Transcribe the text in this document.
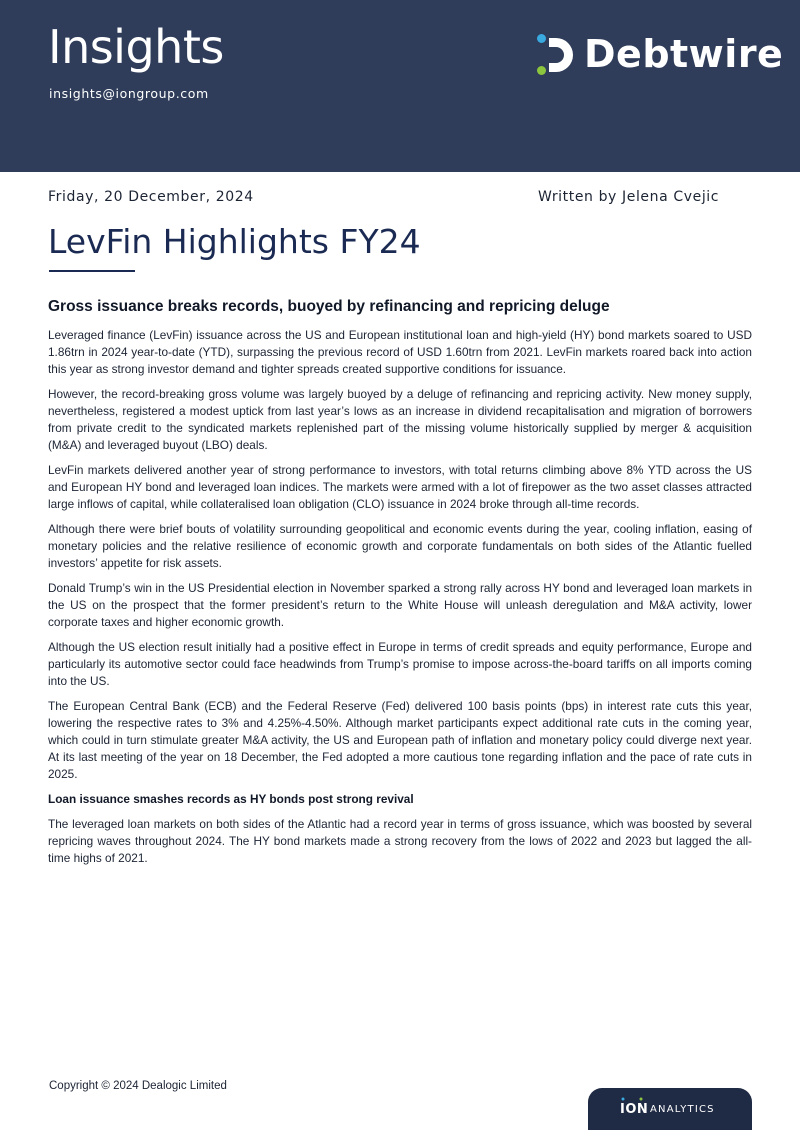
Insights
insights@iongroup.com
Debtwire
Friday, 20 December, 2024	Written by Jelena Cvejic
LevFin Highlights FY24
Gross issuance breaks records, buoyed by refinancing and repricing deluge

Leveraged finance (LevFin) issuance across the US and European institutional loan and high-yield (HY) bond markets soared to USD 1.86trn in 2024 year-to-date (YTD), surpassing the previous record of USD 1.60trn from 2021. LevFin markets roared back into action this year as strong investor demand and tighter spreads created supportive conditions for issuance.

However, the record-breaking gross volume was largely buoyed by a deluge of refinancing and repricing activity. New money supply, nevertheless, registered a modest uptick from last year’s lows as an increase in dividend recapitalisation and migration of borrowers from private credit to the syndicated markets replenished part of the missing volume historically supplied by merger & acquisition (M&A) and leveraged buyout (LBO) deals.

LevFin markets delivered another year of strong performance to investors, with total returns climbing above 8% YTD across the US and European HY bond and leveraged loan indices. The markets were armed with a lot of firepower as the two asset classes attracted large inflows of capital, while collateralised loan obligation (CLO) issuance in 2024 broke through all-time records.

Although there were brief bouts of volatility surrounding geopolitical and economic events during the year, cooling inflation, easing of monetary policies and the relative resilience of economic growth and corporate fundamentals on both sides of the Atlantic fuelled investors’ appetite for risk assets.

Donald Trump’s win in the US Presidential election in November sparked a strong rally across HY bond and leveraged loan markets in the US on the prospect that the former president’s return to the White House will unleash deregulation and M&A activity, lower corporate taxes and higher economic growth.

Although the US election result initially had a positive effect in Europe in terms of credit spreads and equity performance, Europe and particularly its automotive sector could face headwinds from Trump’s promise to impose across-the-board tariffs on all imports coming into the US.

The European Central Bank (ECB) and the Federal Reserve (Fed) delivered 100 basis points (bps) in interest rate cuts this year, lowering the respective rates to 3% and 4.25%-4.50%. Although market participants expect additional rate cuts in the coming year, which could in turn stimulate greater M&A activity, the US and European path of inflation and monetary policy could diverge next year. At its last meeting of the year on 18 December, the Fed adopted a more cautious tone regarding inflation and the pace of rate cuts in 2025.

Loan issuance smashes records as HY bonds post strong revival

The leveraged loan markets on both sides of the Atlantic had a record year in terms of gross issuance, which was boosted by several repricing waves throughout 2024. The HY bond markets made a strong recovery from the lows of 2022 and 2023 but lagged the all-time highs of 2021.

Copyright © 2024 Dealogic Limited
ION ANALYTICS
